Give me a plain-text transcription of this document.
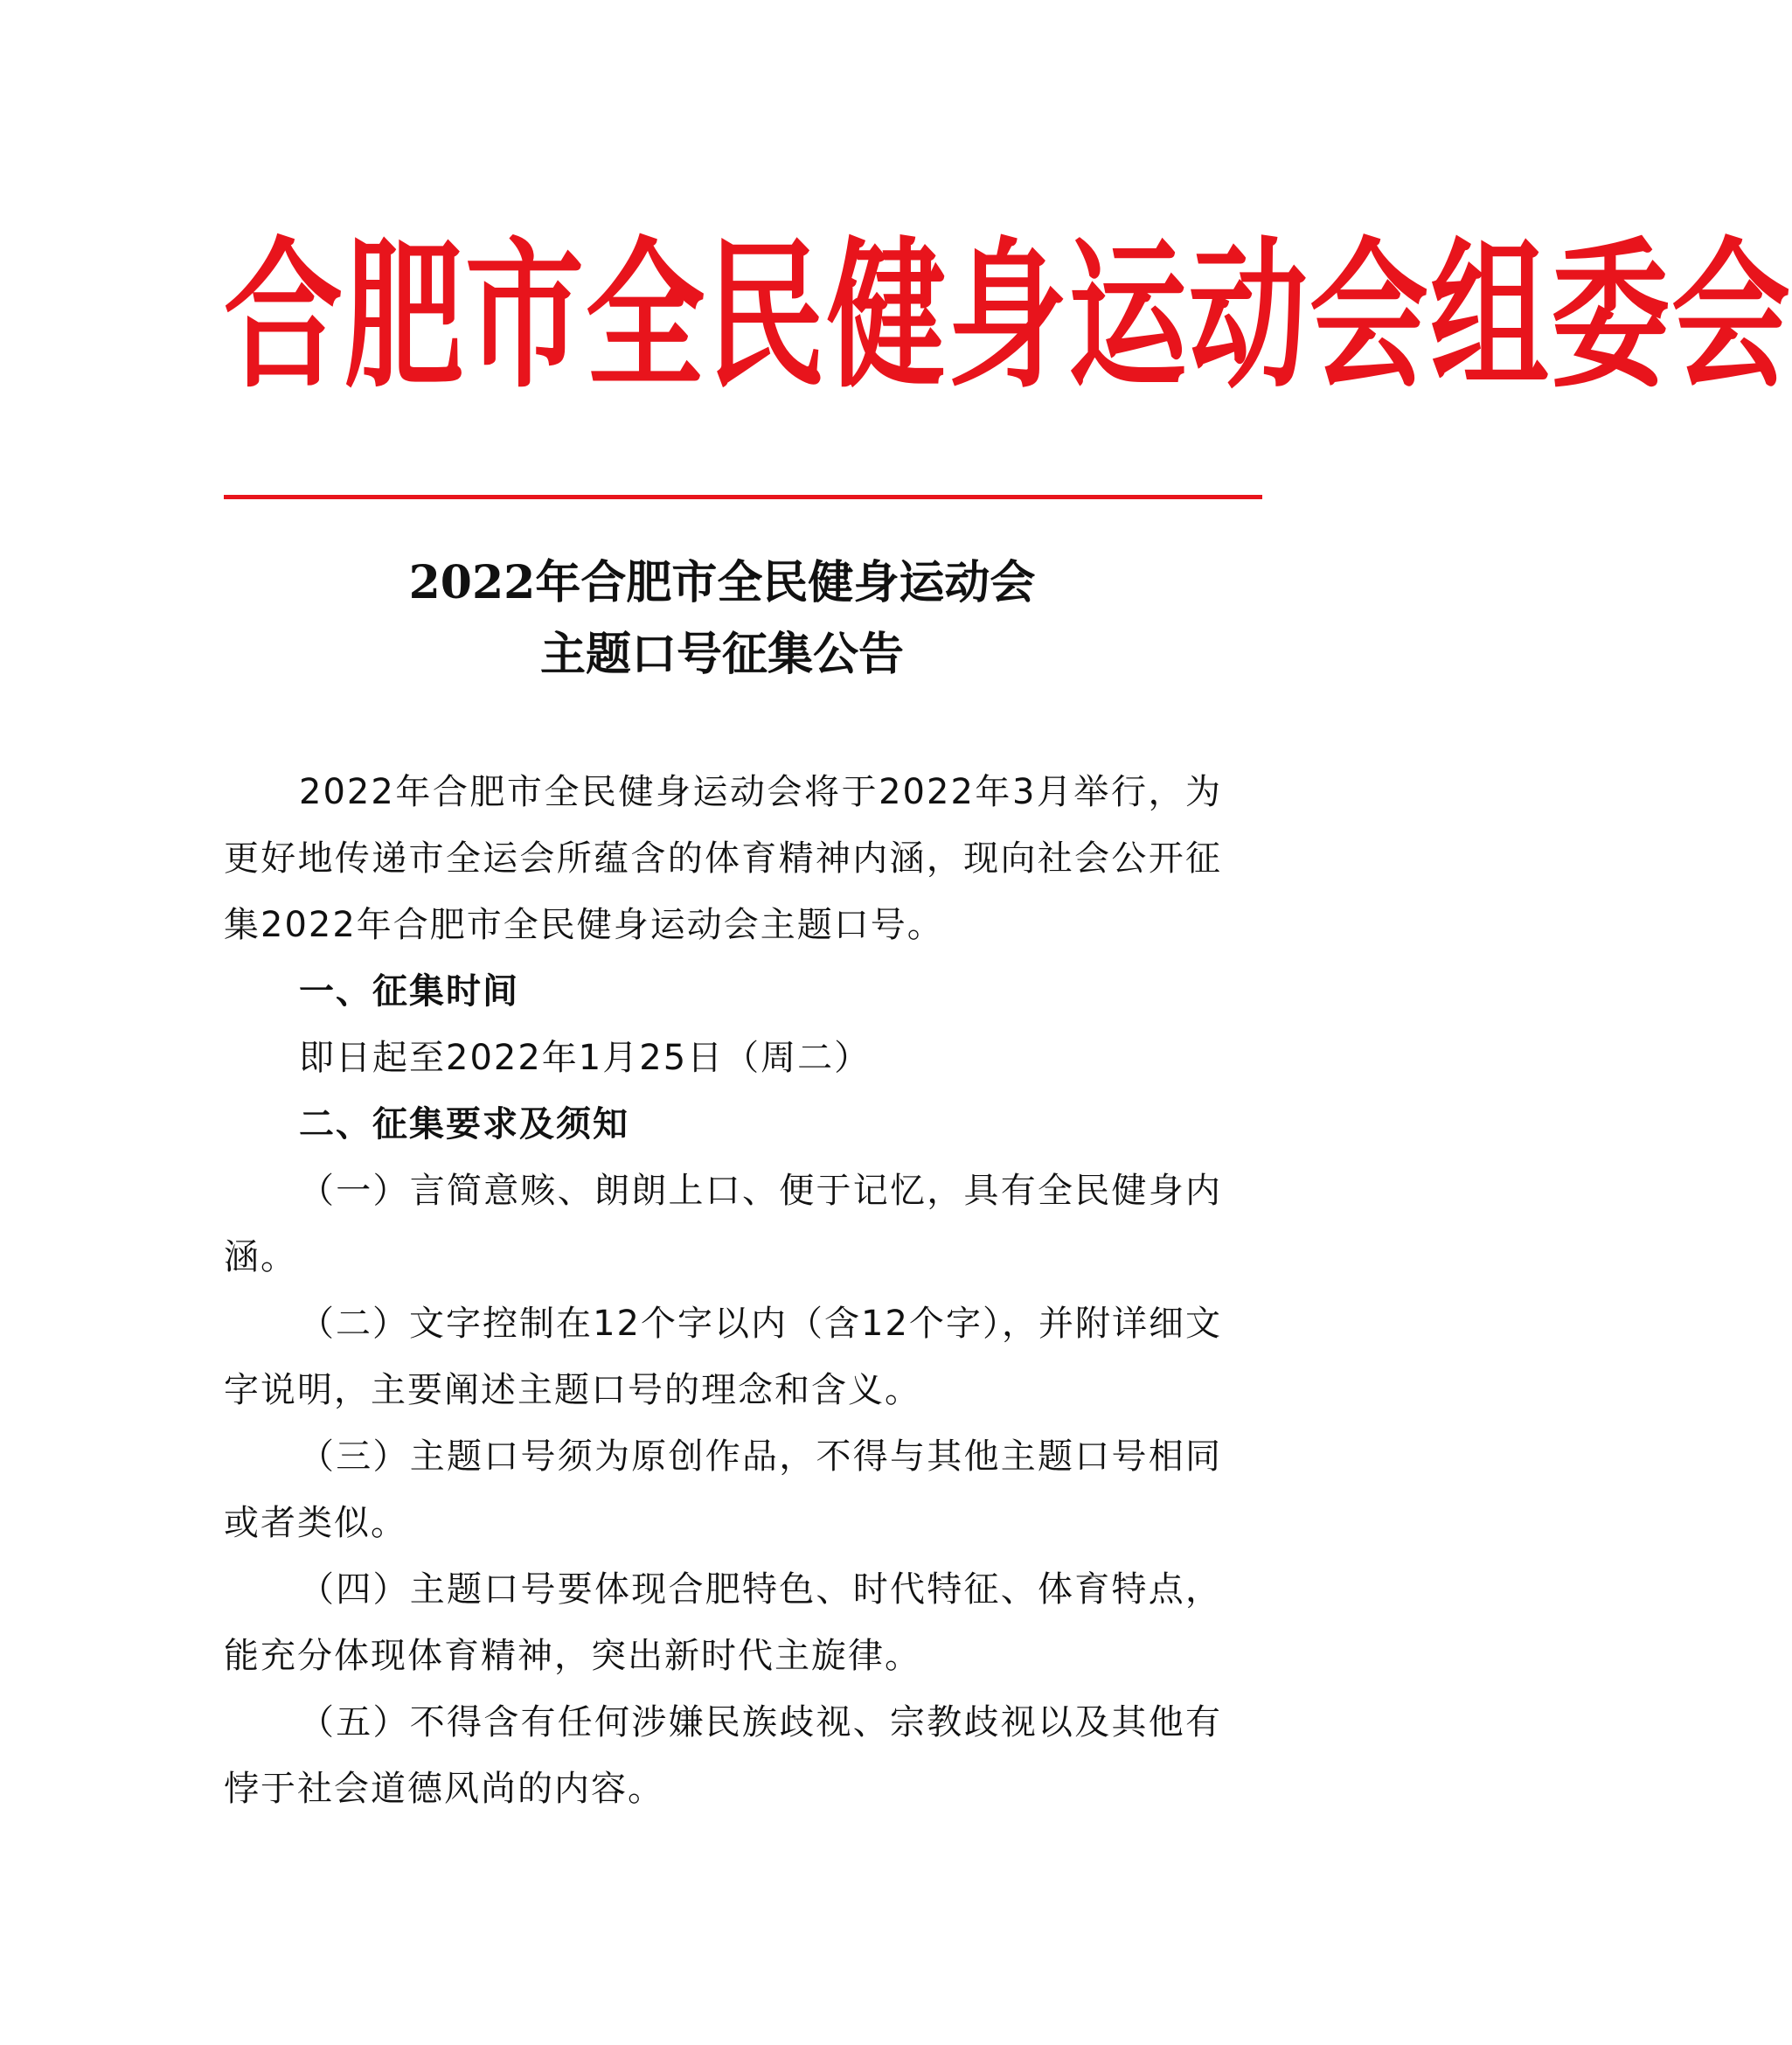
合肥市全民健身运动会组委会
2022年合肥市全民健身运动会
主题口号征集公告

2022年合肥市全民健身运动会将于2022年3月举行，为更好地传递市全运会所蕴含的体育精神内涵，现向社会公开征集2022年合肥市全民健身运动会主题口号。

一、征集时间

即日起至2022年1月25日（周二）

二、征集要求及须知

（一）言简意赅、朗朗上口、便于记忆，具有全民健身内涵。

（二）文字控制在12个字以内（含12个字），并附详细文字说明，主要阐述主题口号的理念和含义。

（三）主题口号须为原创作品，不得与其他主题口号相同或者类似。

（四）主题口号要体现合肥特色、时代特征、体育特点，能充分体现体育精神，突出新时代主旋律。

（五）不得含有任何涉嫌民族歧视、宗教歧视以及其他有悖于社会道德风尚的内容。
